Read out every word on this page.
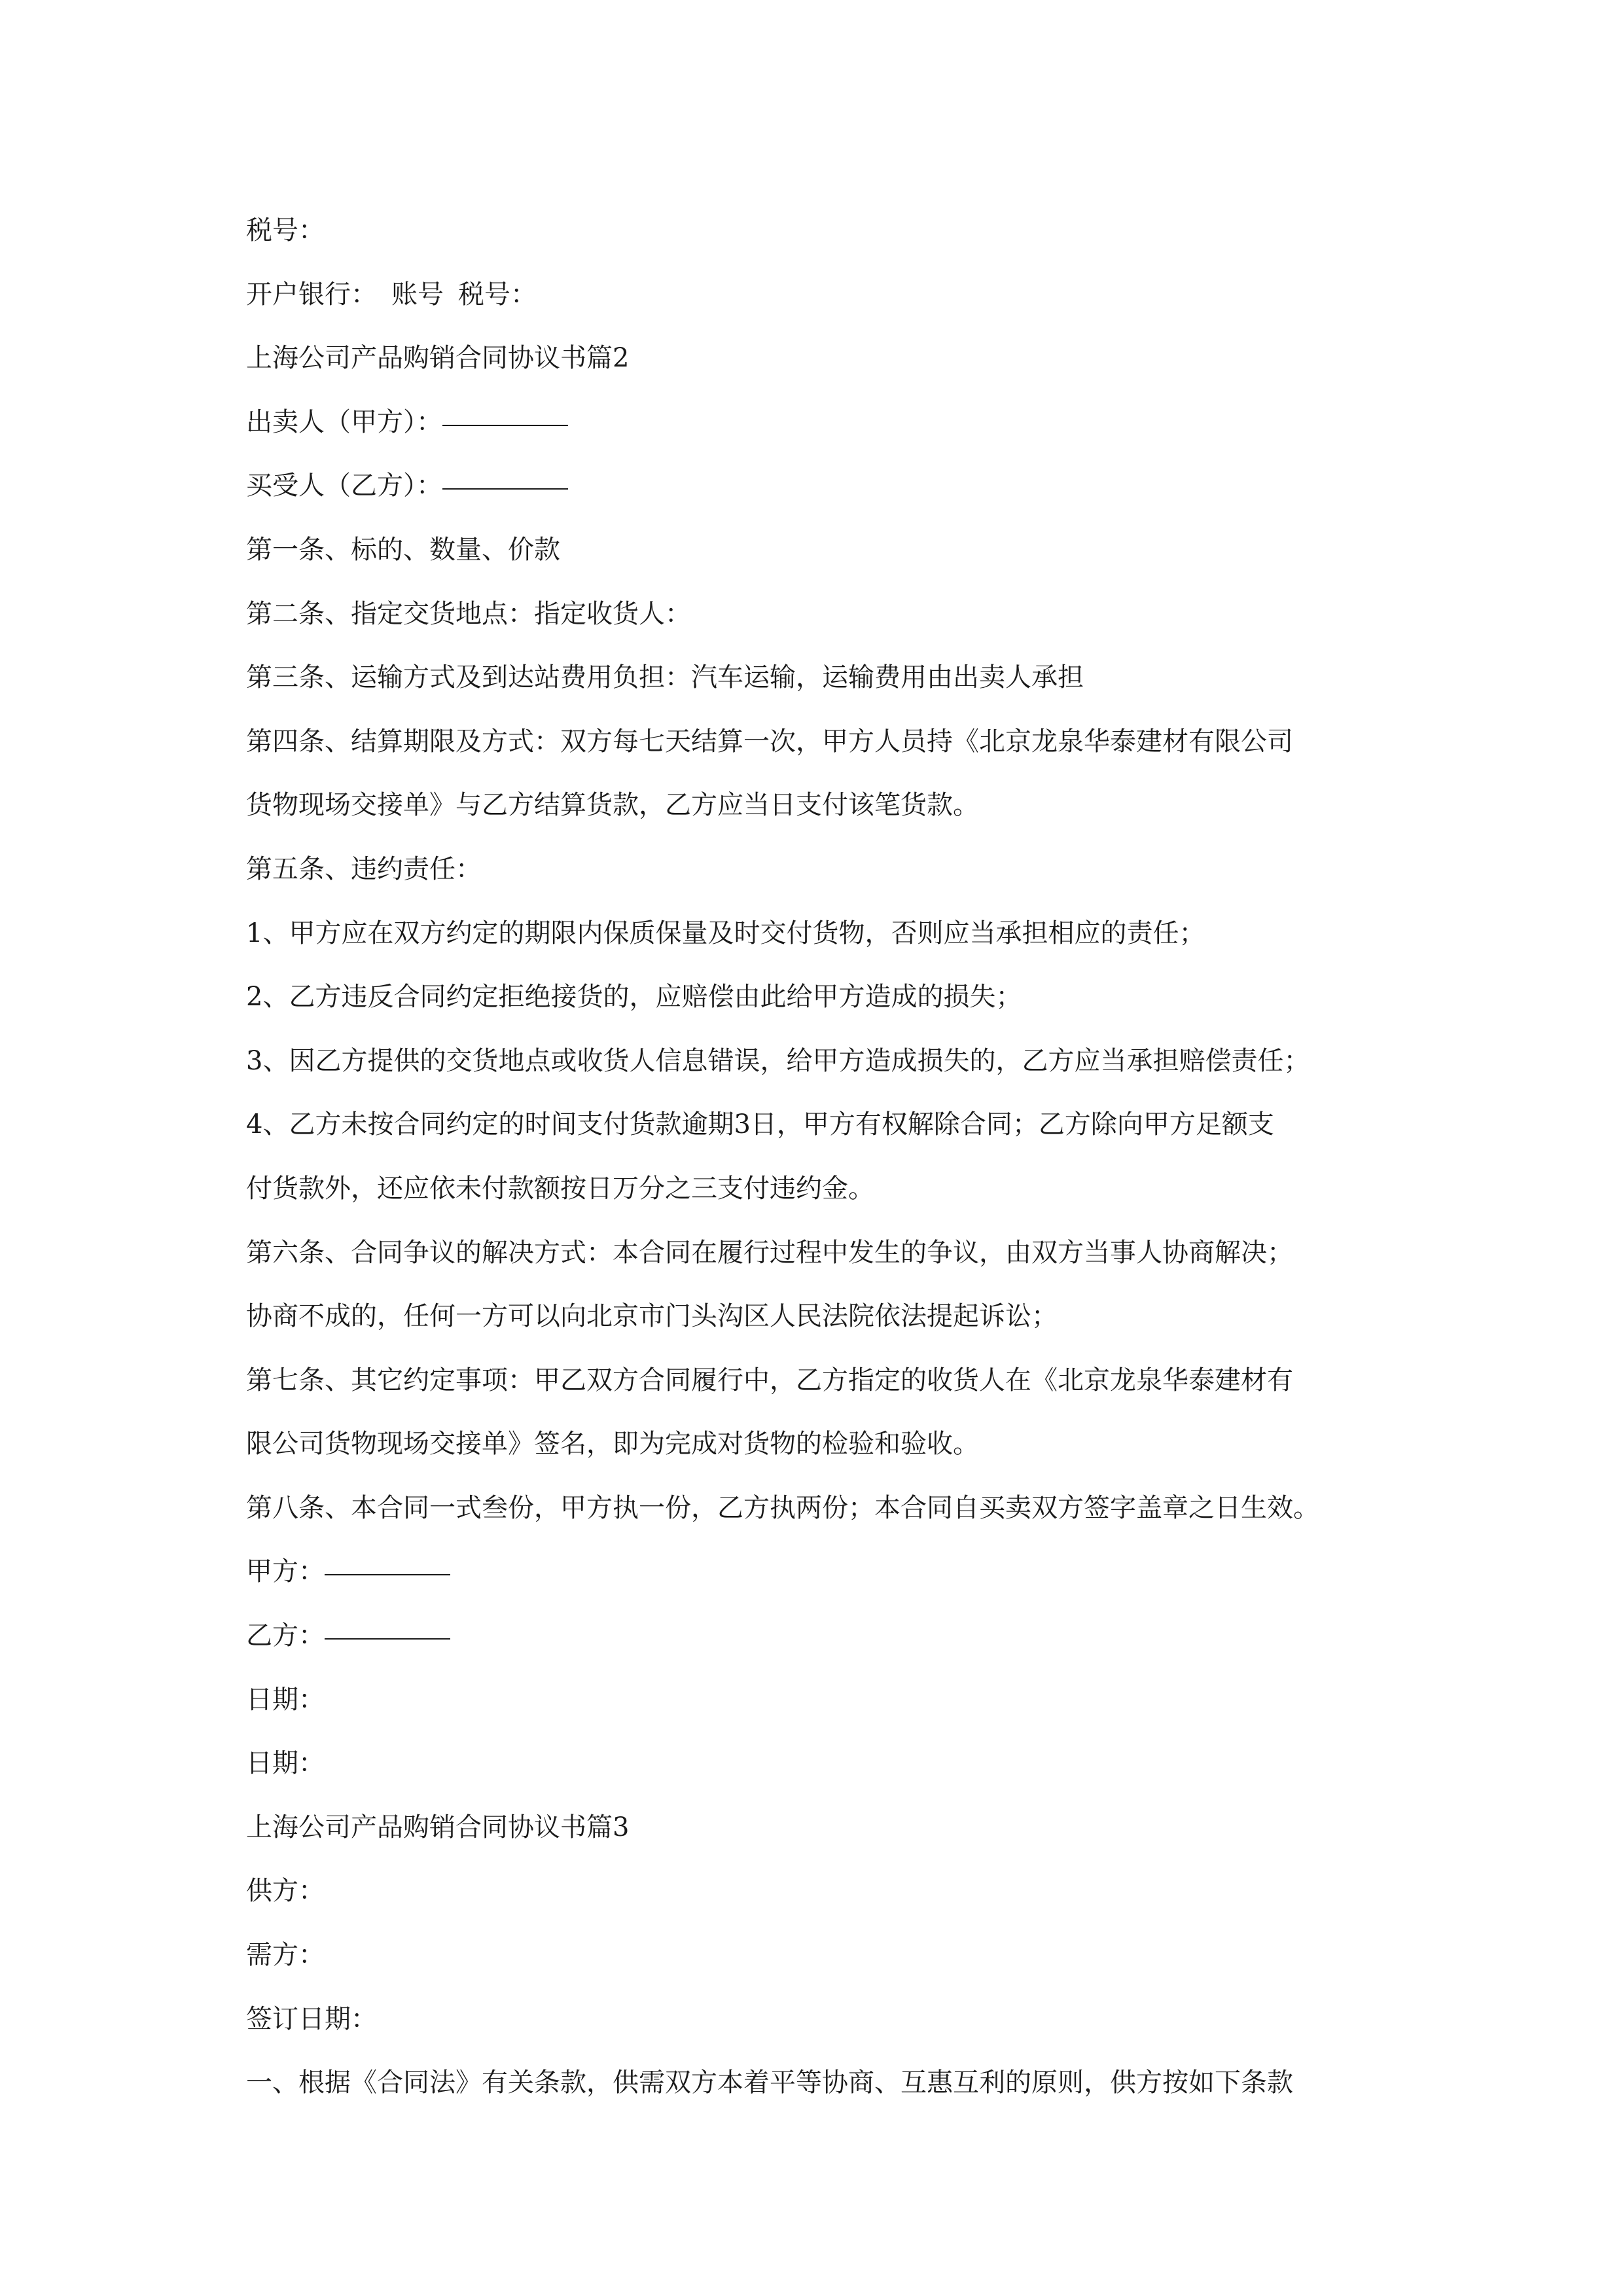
税号：
开户银行： 账号 税号：
上海公司产品购销合同协议书篇2
出卖人（甲方）：
买受人（乙方）：
第一条、标的、数量、价款
第二条、指定交货地点：指定收货人：
第三条、运输方式及到达站费用负担：汽车运输，运输费用由出卖人承担
第四条、结算期限及方式：双方每七天结算一次，甲方人员持《北京龙泉华泰建材有限公司
货物现场交接单》与乙方结算货款，乙方应当日支付该笔货款。
第五条、违约责任：
1、甲方应在双方约定的期限内保质保量及时交付货物，否则应当承担相应的责任；
2、乙方违反合同约定拒绝接货的，应赔偿由此给甲方造成的损失；
3、因乙方提供的交货地点或收货人信息错误，给甲方造成损失的，乙方应当承担赔偿责任；
4、乙方未按合同约定的时间支付货款逾期3日，甲方有权解除合同；乙方除向甲方足额支
付货款外，还应依未付款额按日万分之三支付违约金。
第六条、合同争议的解决方式：本合同在履行过程中发生的争议，由双方当事人协商解决；
协商不成的，任何一方可以向北京市门头沟区人民法院依法提起诉讼；
第七条、其它约定事项：甲乙双方合同履行中，乙方指定的收货人在《北京龙泉华泰建材有
限公司货物现场交接单》签名，即为完成对货物的检验和验收。
第八条、本合同一式叁份，甲方执一份，乙方执两份；本合同自买卖双方签字盖章之日生效。
甲方：
乙方：
日期：
日期：
上海公司产品购销合同协议书篇3
供方：
需方：
签订日期：
一、根据《合同法》有关条款，供需双方本着平等协商、互惠互利的原则，供方按如下条款
